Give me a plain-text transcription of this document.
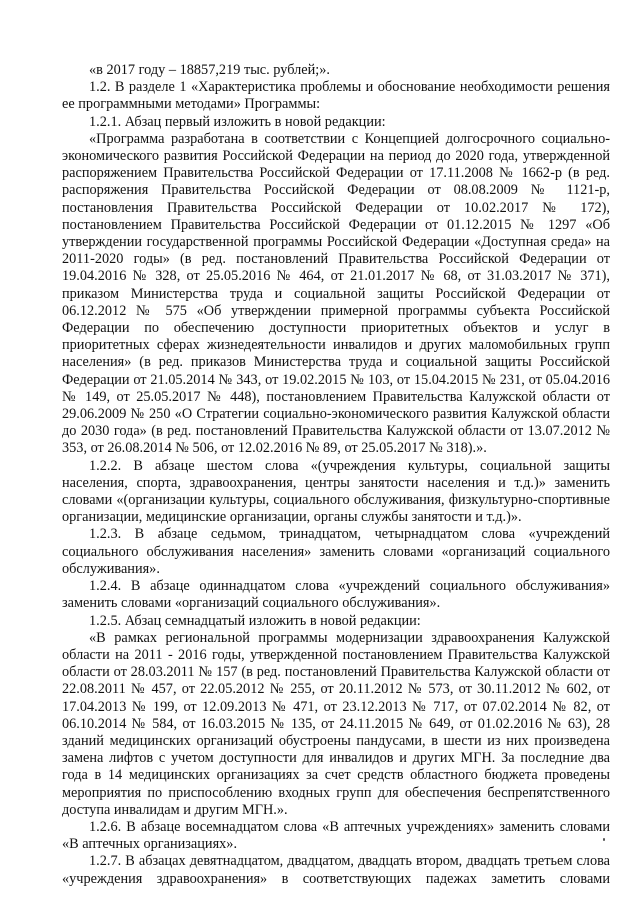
«в 2017 году – 18857,219 тыс. рублей;».

1.2. В разделе 1 «Характеристика проблемы и обоснование необходимости решения ее программными методами» Программы:

1.2.1. Абзац первый изложить в новой редакции:

«Программа разработана в соответствии с Концепцией долгосрочного социально-экономического развития Российской Федерации на период до 2020 года, утвержденной распоряжением Правительства Российской Федерации от 17.11.2008 № 1662-р (в ред. распоряжения Правительства Российской Федерации от 08.08.2009 № 1121-р, постановления Правительства Российской Федерации от 10.02.2017 № 172), постановлением Правительства Российской Федерации от 01.12.2015 № 1297 «Об утверждении государственной программы Российской Федерации «Доступная среда» на 2011-2020 годы» (в ред. постановлений Правительства Российской Федерации от 19.04.2016 № 328, от 25.05.2016 № 464, от 21.01.2017 № 68, от 31.03.2017 № 371), приказом Министерства труда и социальной защиты Российской Федерации от 06.12.2012 № 575 «Об утверждении примерной программы субъекта Российской Федерации по обеспечению доступности приоритетных объектов и услуг в приоритетных сферах жизнедеятельности инвалидов и других маломобильных групп населения» (в ред. приказов Министерства труда и социальной защиты Российской Федерации от 21.05.2014 № 343, от 19.02.2015 № 103, от 15.04.2015 № 231, от 05.04.2016 № 149, от 25.05.2017 № 448), постановлением Правительства Калужской области от 29.06.2009 № 250 «О Стратегии социально-экономического развития Калужской области до 2030 года» (в ред. постановлений Правительства Калужской области от 13.07.2012 № 353, от 26.08.2014 № 506, от 12.02.2016 № 89, от 25.05.2017 № 318).».

1.2.2. В абзаце шестом слова «(учреждения культуры, социальной защиты населения, спорта, здравоохранения, центры занятости населения и т.д.)» заменить словами «(организации культуры, социального обслуживания, физкультурно-спортивные организации, медицинские организации, органы службы занятости и т.д.)».

1.2.3. В абзаце седьмом, тринадцатом, четырнадцатом слова «учреждений социального обслуживания населения» заменить словами «организаций социального обслуживания».

1.2.4. В абзаце одиннадцатом слова «учреждений социального обслуживания» заменить словами «организаций социального обслуживания».

1.2.5. Абзац семнадцатый изложить в новой редакции:

«В рамках региональной программы модернизации здравоохранения Калужской области на 2011 - 2016 годы, утвержденной постановлением Правительства Калужской области от 28.03.2011 № 157 (в ред. постановлений Правительства Калужской области от 22.08.2011 № 457, от 22.05.2012 № 255, от 20.11.2012 № 573, от 30.11.2012 № 602, от 17.04.2013 № 199, от 12.09.2013 № 471, от 23.12.2013 № 717, от 07.02.2014 № 82, от 06.10.2014 № 584, от 16.03.2015 № 135, от 24.11.2015 № 649, от 01.02.2016 № 63), 28 зданий медицинских организаций обустроены пандусами, в шести из них произведена замена лифтов с учетом доступности для инвалидов и других МГН. За последние два года в 14 медицинских организациях за счет средств областного бюджета проведены мероприятия по приспособлению входных групп для обеспечения беспрепятственного доступа инвалидам и другим МГН.».

1.2.6. В абзаце восемнадцатом слова «В аптечных учреждениях» заменить словами «В аптечных организациях».

1.2.7. В абзацах девятнадцатом, двадцатом, двадцать втором, двадцать третьем слова «учреждения здравоохранения» в соответствующих падежах заметить словами
